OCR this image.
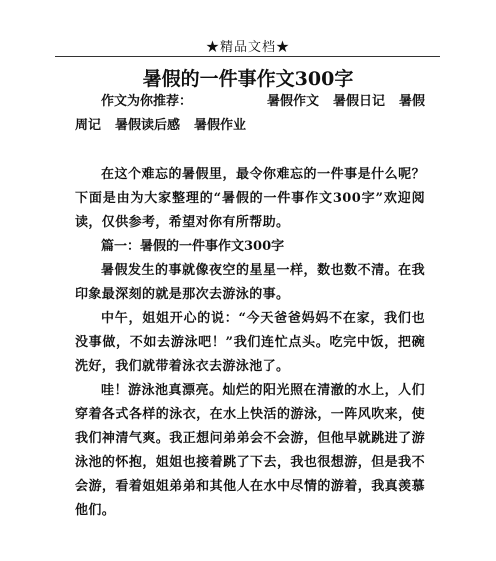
★精品文档★
暑假的一件事作文300字
作文为你推荐：	暑假作文 暑假日记 暑假
周记 暑假读后感 暑假作业

在这个难忘的暑假里，最令你难忘的一件事是什么呢？下面是由为大家整理的“暑假的一件事作文300字”欢迎阅读，仅供参考，希望对你有所帮助。

篇一：暑假的一件事作文300字

暑假发生的事就像夜空的星星一样，数也数不清。在我印象最深刻的就是那次去游泳的事。

中午，姐姐开心的说：“今天爸爸妈妈不在家，我们也没事做，不如去游泳吧！”我们连忙点头。吃完中饭，把碗洗好，我们就带着泳衣去游泳池了。

哇！游泳池真漂亮。灿烂的阳光照在清澈的水上，人们穿着各式各样的泳衣，在水上快活的游泳，一阵风吹来，使我们神清气爽。我正想问弟弟会不会游，但他早就跳进了游泳池的怀抱，姐姐也接着跳了下去，我也很想游，但是我不会游，看着姐姐弟弟和其他人在水中尽情的游着，我真羡慕他们。
